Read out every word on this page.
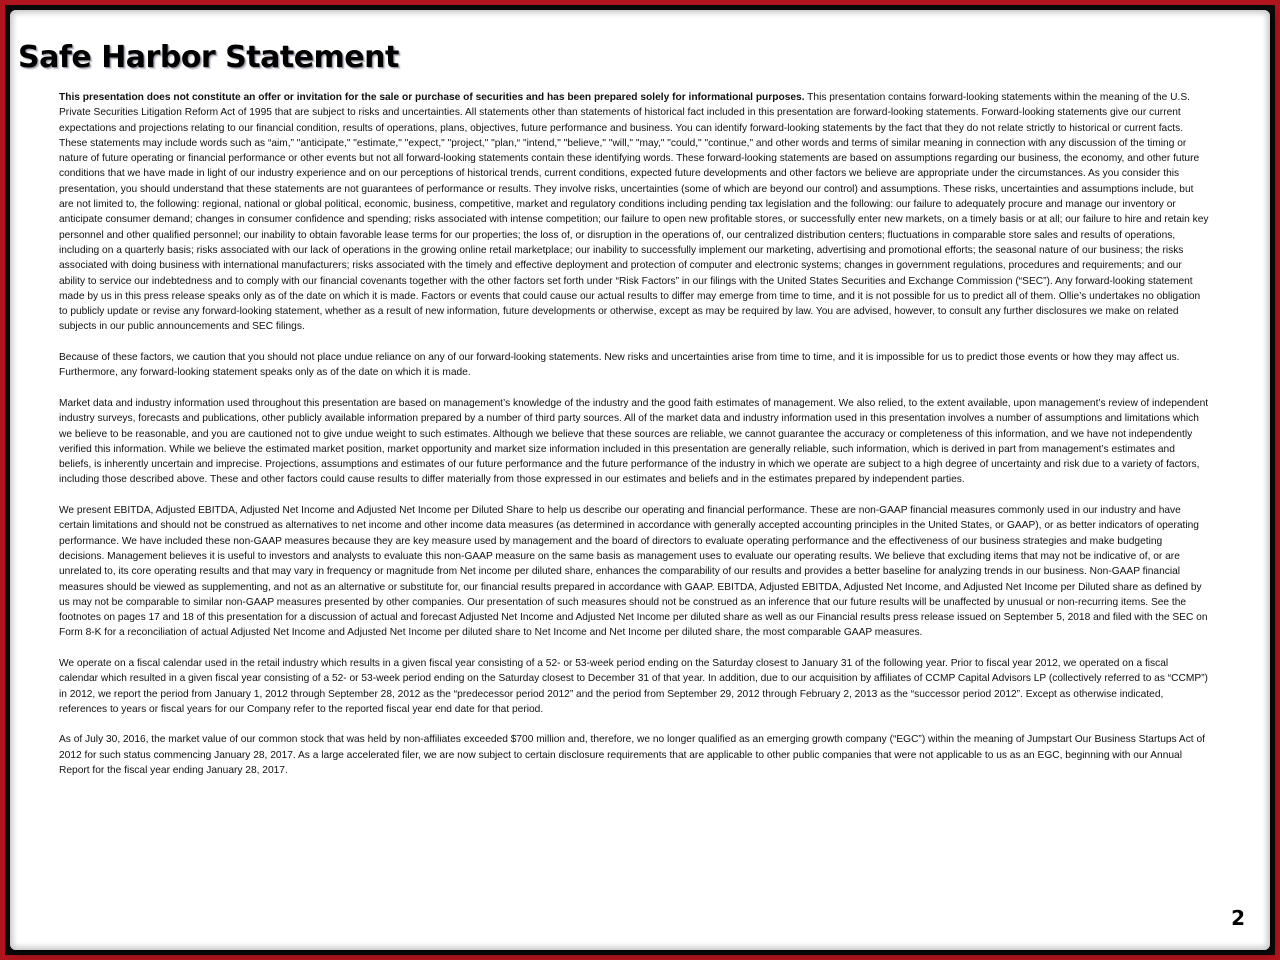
Safe Harbor Statement

This presentation does not constitute an offer or invitation for the sale or purchase of securities and has been prepared solely for informational purposes. This presentation contains forward-looking statements within the meaning of the U.S. Private Securities Litigation Reform Act of 1995 that are subject to risks and uncertainties. All statements other than statements of historical fact included in this presentation are forward-looking statements. Forward-looking statements give our current expectations and projections relating to our financial condition, results of operations, plans, objectives, future performance and business. You can identify forward-looking statements by the fact that they do not relate strictly to historical or current facts. These statements may include words such as “aim,” "anticipate," "estimate," "expect," "project," "plan,“ "intend," "believe," "will," "may," "could," "continue," and other words and terms of similar meaning in connection with any discussion of the timing or nature of future operating or financial performance or other events but not all forward-looking statements contain these identifying words. These forward-looking statements are based on assumptions regarding our business, the economy, and other future conditions that we have made in light of our industry experience and on our perceptions of historical trends, current conditions, expected future developments and other factors we believe are appropriate under the circumstances. As you consider this presentation, you should understand that these statements are not guarantees of performance or results. They involve risks, uncertainties (some of which are beyond our control) and assumptions. These risks, uncertainties and assumptions include, but are not limited to, the following: regional, national or global political, economic, business, competitive, market and regulatory conditions including pending tax legislation and the following: our failure to adequately procure and manage our inventory or anticipate consumer demand; changes in consumer confidence and spending; risks associated with intense competition; our failure to open new profitable stores, or successfully enter new markets, on a timely basis or at all; our failure to hire and retain key personnel and other qualified personnel; our inability to obtain favorable lease terms for our properties; the loss of, or disruption in the operations of, our centralized distribution centers; fluctuations in comparable store sales and results of operations, including on a quarterly basis; risks associated with our lack of operations in the growing online retail marketplace; our inability to successfully implement our marketing, advertising and promotional efforts; the seasonal nature of our business; the risks associated with doing business with international manufacturers; risks associated with the timely and effective deployment and protection of computer and electronic systems; changes in government regulations, procedures and requirements; and our ability to service our indebtedness and to comply with our financial covenants together with the other factors set forth under “Risk Factors” in our filings with the United States Securities and Exchange Commission (“SEC”). Any forward-looking statement made by us in this press release speaks only as of the date on which it is made. Factors or events that could cause our actual results to differ may emerge from time to time, and it is not possible for us to predict all of them. Ollie’s undertakes no obligation to publicly update or revise any forward-looking statement, whether as a result of new information, future developments or otherwise, except as may be required by law. You are advised, however, to consult any further disclosures we make on related subjects in our public announcements and SEC filings.

Because of these factors, we caution that you should not place undue reliance on any of our forward-looking statements. New risks and uncertainties arise from time to time, and it is impossible for us to predict those events or how they may affect us. Furthermore, any forward-looking statement speaks only as of the date on which it is made.

Market data and industry information used throughout this presentation are based on management’s knowledge of the industry and the good faith estimates of management. We also relied, to the extent available, upon management’s review of independent industry surveys, forecasts and publications, other publicly available information prepared by a number of third party sources. All of the market data and industry information used in this presentation involves a number of assumptions and limitations which we believe to be reasonable, and you are cautioned not to give undue weight to such estimates. Although we believe that these sources are reliable, we cannot guarantee the accuracy or completeness of this information, and we have not independently verified this information. While we believe the estimated market position, market opportunity and market size information included in this presentation are generally reliable, such information, which is derived in part from management’s estimates and beliefs, is inherently uncertain and imprecise. Projections, assumptions and estimates of our future performance and the future performance of the industry in which we operate are subject to a high degree of uncertainty and risk due to a variety of factors, including those described above. These and other factors could cause results to differ materially from those expressed in our estimates and beliefs and in the estimates prepared by independent parties.

We present EBITDA, Adjusted EBITDA, Adjusted Net Income and Adjusted Net Income per Diluted Share to help us describe our operating and financial performance. These are non-GAAP financial measures commonly used in our industry and have certain limitations and should not be construed as alternatives to net income and other income data measures (as determined in accordance with generally accepted accounting principles in the United States, or GAAP), or as better indicators of operating performance. We have included these non-GAAP measures because they are key measure used by management and the board of directors to evaluate operating performance and the effectiveness of our business strategies and make budgeting decisions. Management believes it is useful to investors and analysts to evaluate this non-GAAP measure on the same basis as management uses to evaluate our operating results. We believe that excluding items that may not be indicative of, or are unrelated to, its core operating results and that may vary in frequency or magnitude from Net income per diluted share, enhances the comparability of our results and provides a better baseline for analyzing trends in our business. Non-GAAP financial measures should be viewed as supplementing, and not as an alternative or substitute for, our financial results prepared in accordance with GAAP. EBITDA, Adjusted EBITDA, Adjusted Net Income, and Adjusted Net Income per Diluted share as defined by us may not be comparable to similar non-GAAP measures presented by other companies. Our presentation of such measures should not be construed as an inference that our future results will be unaffected by unusual or non-recurring items. See the footnotes on pages 17 and 18 of this presentation for a discussion of actual and forecast Adjusted Net Income and Adjusted Net Income per diluted share as well as our Financial results press release issued on September 5, 2018 and filed with the SEC on Form 8-K for a reconciliation of actual Adjusted Net Income and Adjusted Net Income per diluted share to Net Income and Net Income per diluted share, the most comparable GAAP measures.

We operate on a fiscal calendar used in the retail industry which results in a given fiscal year consisting of a 52- or 53-week period ending on the Saturday closest to January 31 of the following year. Prior to fiscal year 2012, we operated on a fiscal calendar which resulted in a given fiscal year consisting of a 52- or 53-week period ending on the Saturday closest to December 31 of that year. In addition, due to our acquisition by affiliates of CCMP Capital Advisors LP (collectively referred to as “CCMP”) in 2012, we report the period from January 1, 2012 through September 28, 2012 as the “predecessor period 2012” and the period from September 29, 2012 through February 2, 2013 as the “successor period 2012”. Except as otherwise indicated, references to years or fiscal years for our Company refer to the reported fiscal year end date for that period.

As of July 30, 2016, the market value of our common stock that was held by non-affiliates exceeded $700 million and, therefore, we no longer qualified as an emerging growth company (“EGC”) within the meaning of Jumpstart Our Business Startups Act of 2012 for such status commencing January 28, 2017. As a large accelerated filer, we are now subject to certain disclosure requirements that are applicable to other public companies that were not applicable to us as an EGC, beginning with our Annual Report for the fiscal year ending January 28, 2017.

2
